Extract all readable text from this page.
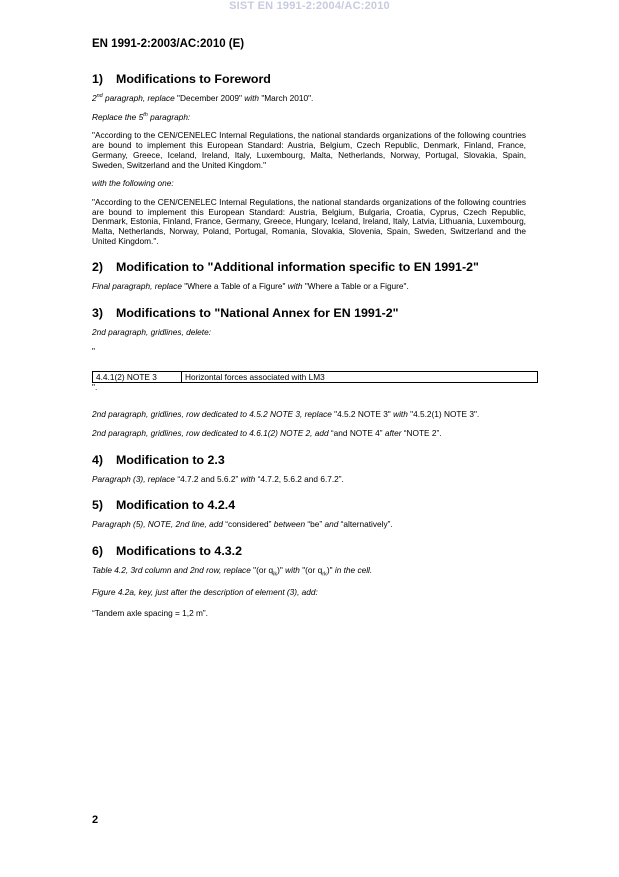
SIST EN 1991-2:2004/AC:2010
EN 1991-2:2003/AC:2010 (E)
1) Modifications to Foreword

2nd paragraph, replace "December 2009" with "March 2010".

Replace the 5th paragraph:

"According to the CEN/CENELEC Internal Regulations, the national standards organizations of the following countries are bound to implement this European Standard: Austria, Belgium, Czech Republic, Denmark, Finland, France, Germany, Greece, Iceland, Ireland, Italy, Luxembourg, Malta, Netherlands, Norway, Portugal, Slovakia, Spain, Sweden, Switzerland and the United Kingdom."

with the following one:

"According to the CEN/CENELEC Internal Regulations, the national standards organizations of the following countries are bound to implement this European Standard: Austria, Belgium, Bulgaria, Croatia, Cyprus, Czech Republic, Denmark, Estonia, Finland, France, Germany, Greece, Hungary, Iceland, Ireland, Italy, Latvia, Lithuania, Luxembourg, Malta, Netherlands, Norway, Poland, Portugal, Romania, Slovakia, Slovenia, Spain, Sweden, Switzerland and the United Kingdom.".

2) Modification to "Additional information specific to EN 1991-2"

Final paragraph, replace "Where a Table of a Figure" with "Where a Table or a Figure".

3) Modifications to "National Annex for EN 1991-2"

2nd paragraph, gridlines, delete:

"

4.4.1(2) NOTE 3	Horizontal forces associated with LM3

".

2nd paragraph, gridlines, row dedicated to 4.5.2 NOTE 3, replace "4.5.2 NOTE 3" with "4.5.2(1) NOTE 3".

2nd paragraph, gridlines, row dedicated to 4.6.1(2) NOTE 2, add “and NOTE 4” after “NOTE 2”.

4) Modification to 2.3

Paragraph (3), replace “4.7.2 and 5.6.2” with “4.7.2, 5.6.2 and 6.7.2”.

5) Modification to 4.2.4

Paragraph (5), NOTE, 2nd line, add “considered” between “be” and “alternatively”.

6) Modifications to 4.3.2

Table 4.2, 3rd column and 2nd row, replace "(or $q_{ik}$)" with "(or $q_{rk}$)" in the cell.

Figure 4.2a, key, just after the description of element (3), add:

“Tandem axle spacing = 1,2 m”.

2
